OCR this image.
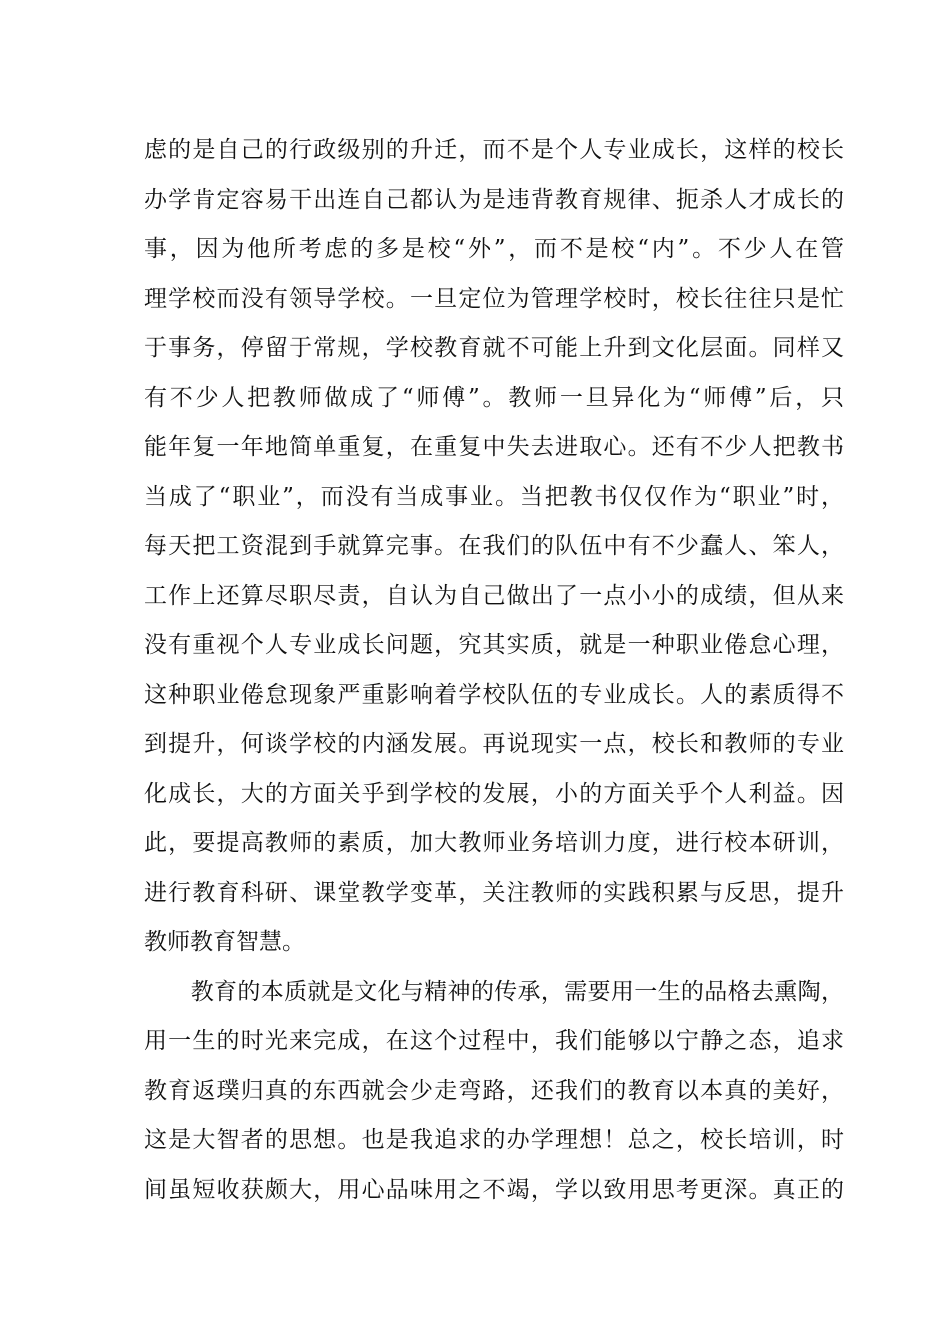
虑的是自己的行政级别的升迁，而不是个人专业成长，这样的校长
办学肯定容易干出连自己都认为是违背教育规律、扼杀人才成长的
事，因为他所考虑的多是校“外”，而不是校“内”。不少人在管
理学校而没有领导学校。一旦定位为管理学校时，校长往往只是忙
于事务，停留于常规，学校教育就不可能上升到文化层面。同样又
有不少人把教师做成了“师傅”。教师一旦异化为“师傅”后，只
能年复一年地简单重复，在重复中失去进取心。还有不少人把教书
当成了“职业”，而没有当成事业。当把教书仅仅作为“职业”时，
每天把工资混到手就算完事。在我们的队伍中有不少蠢人、笨人，
工作上还算尽职尽责，自认为自己做出了一点小小的成绩，但从来
没有重视个人专业成长问题，究其实质，就是一种职业倦怠心理，
这种职业倦怠现象严重影响着学校队伍的专业成长。人的素质得不
到提升，何谈学校的内涵发展。再说现实一点，校长和教师的专业
化成长，大的方面关乎到学校的发展，小的方面关乎个人利益。因
此，要提高教师的素质，加大教师业务培训力度，进行校本研训，
进行教育科研、课堂教学变革，关注教师的实践积累与反思，提升
教师教育智慧。
　　教育的本质就是文化与精神的传承，需要用一生的品格去熏陶，
用一生的时光来完成，在这个过程中，我们能够以宁静之态，追求
教育返璞归真的东西就会少走弯路，还我们的教育以本真的美好，
这是大智者的思想。也是我追求的办学理想！总之，校长培训，时
间虽短收获颇大，用心品味用之不竭，学以致用思考更深。真正的
